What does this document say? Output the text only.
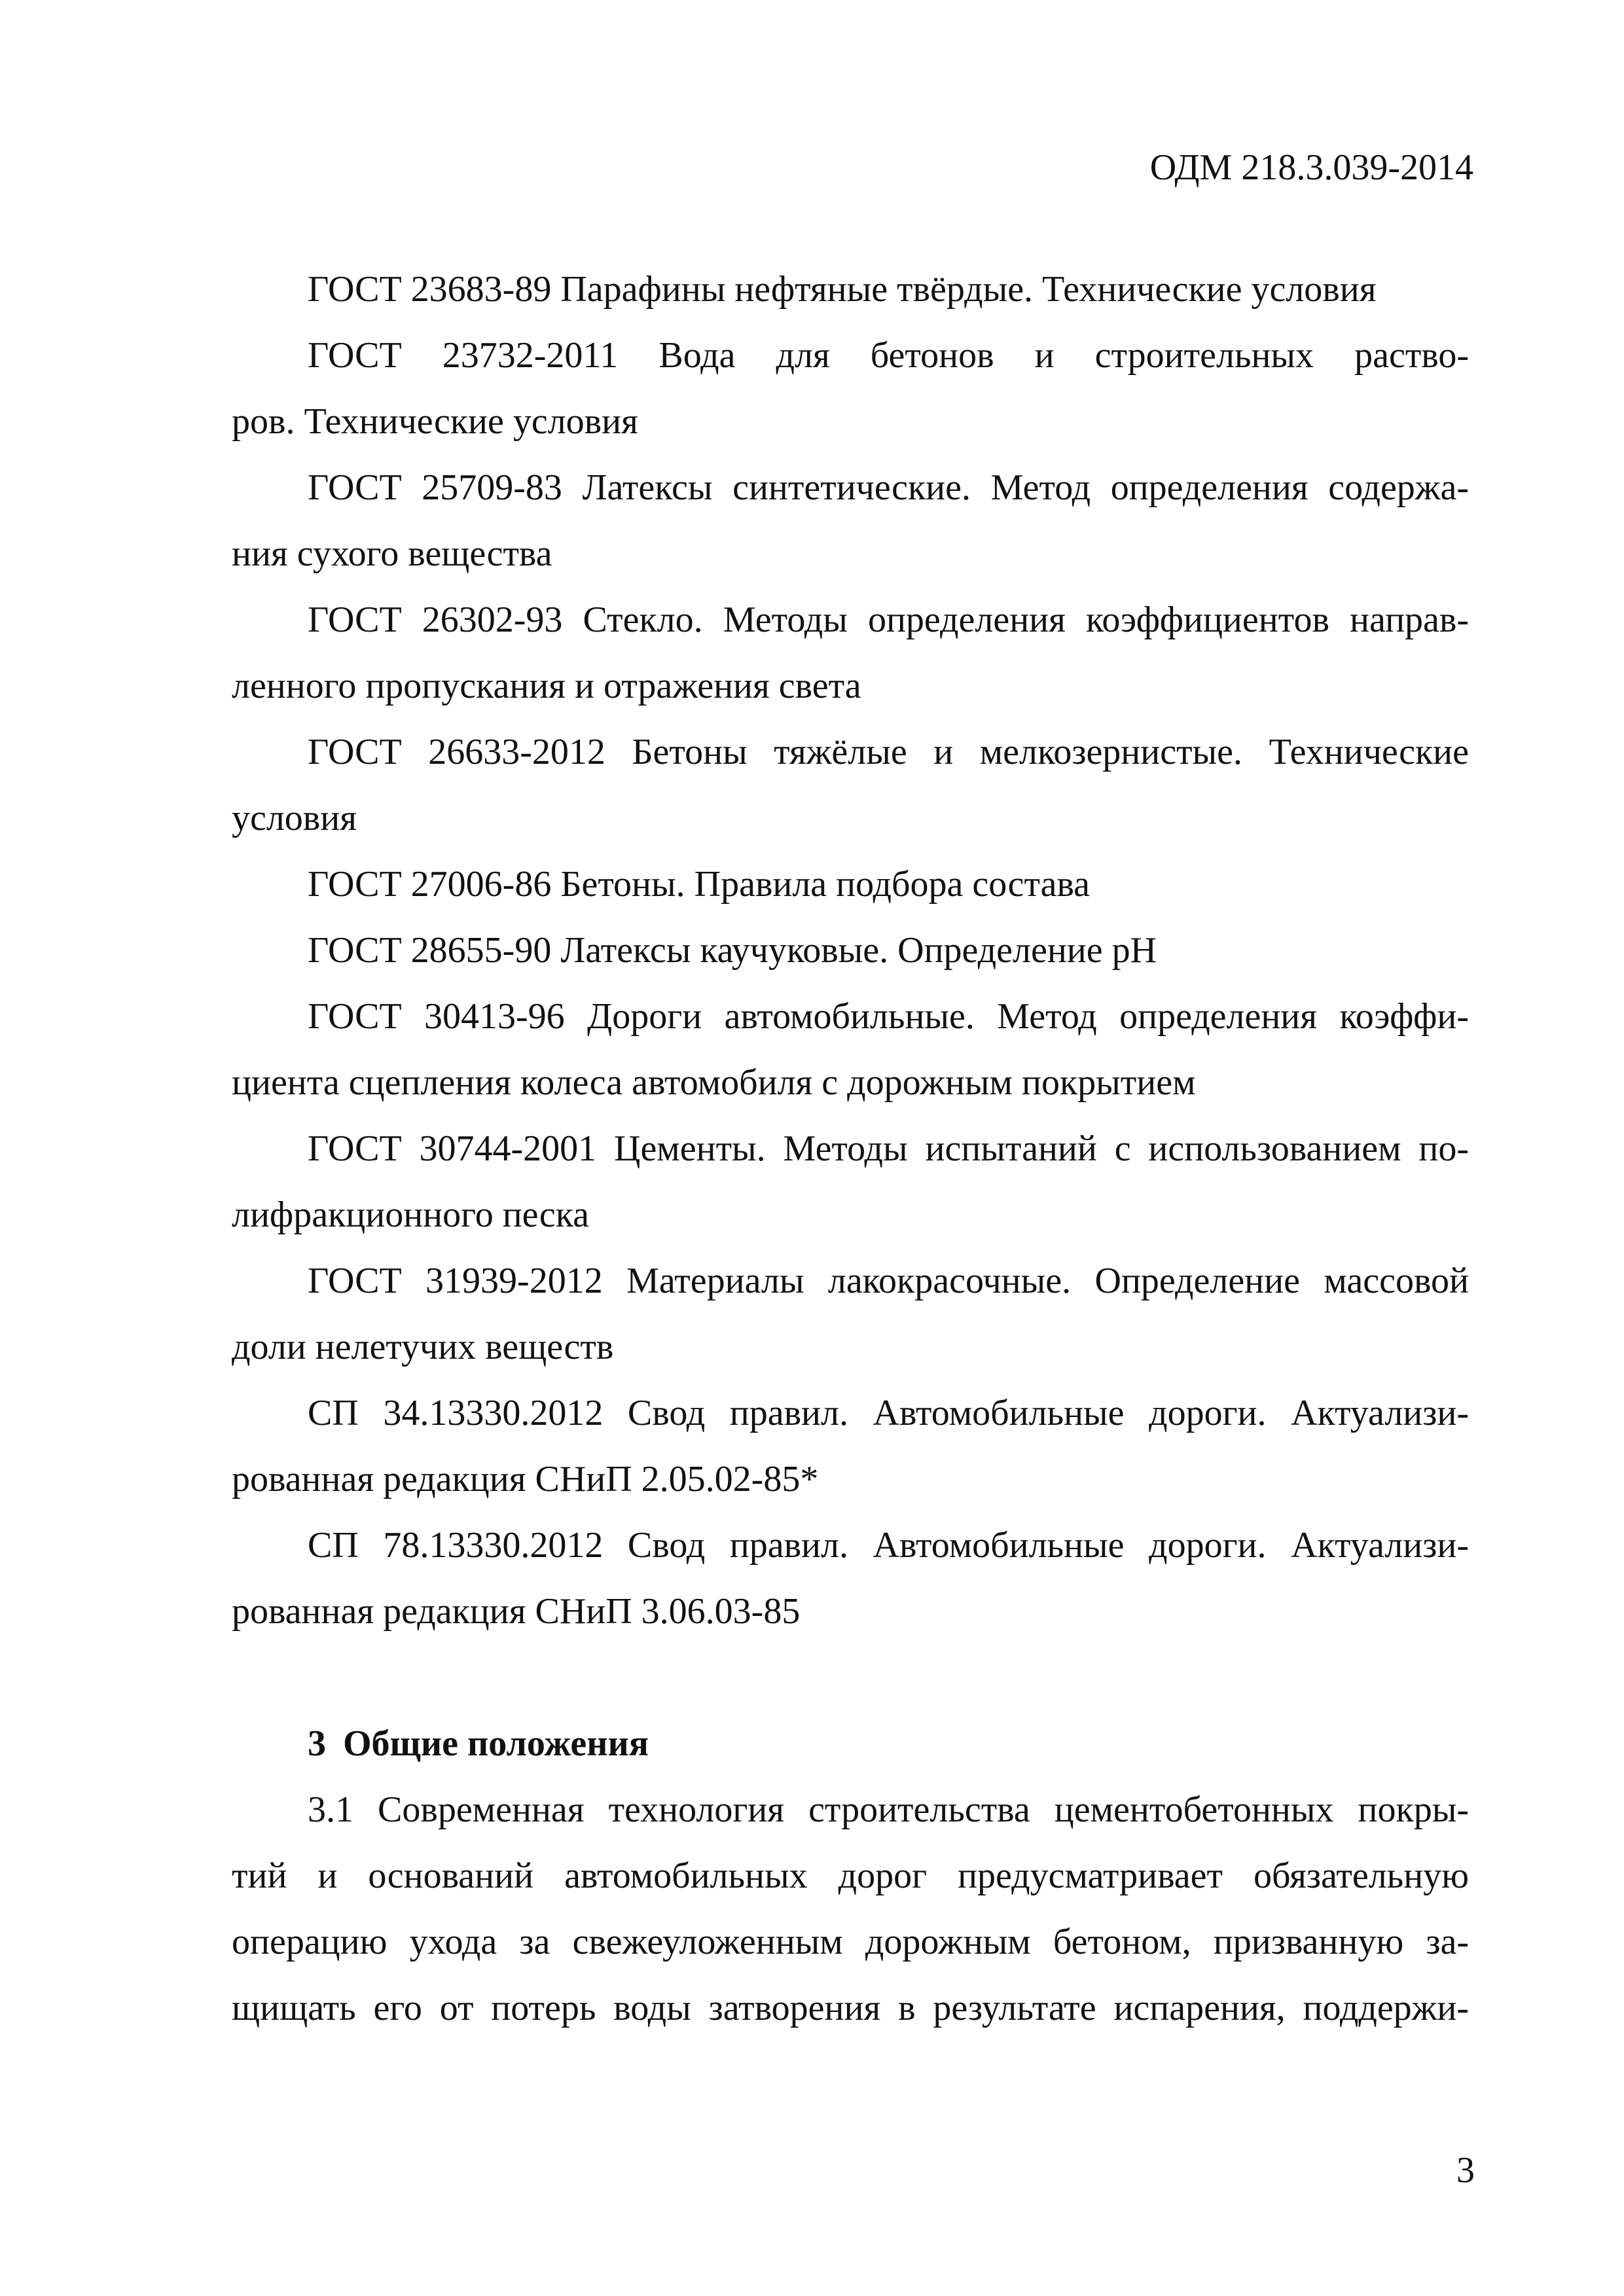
ОДМ 218.3.039-2014
ГОСТ 23683-89 Парафины нефтяные твёрдые. Технические условия
ГОСТ 23732-2011 Вода для бетонов и строительных раство-
ров. Технические условия
ГОСТ 25709-83 Латексы синтетические. Метод определения содержа-
ния сухого вещества
ГОСТ 26302-93 Стекло. Методы определения коэффициентов направ-
ленного пропускания и отражения света
ГОСТ 26633-2012 Бетоны тяжёлые и мелкозернистые. Технические
условия
ГОСТ 27006-86 Бетоны. Правила подбора состава
ГОСТ 28655-90 Латексы каучуковые. Определение pH
ГОСТ 30413-96 Дороги автомобильные. Метод определения коэффи-
циента сцепления колеса автомобиля с дорожным покрытием
ГОСТ 30744-2001 Цементы. Методы испытаний с использованием по-
лифракционного песка
ГОСТ 31939-2012 Материалы лакокрасочные. Определение массовой
доли нелетучих веществ
СП 34.13330.2012 Свод правил. Автомобильные дороги. Актуализи-
рованная редакция СНиП 2.05.02-85*
СП 78.13330.2012 Свод правил. Автомобильные дороги. Актуализи-
рованная редакция СНиП 3.06.03-85
3 Общие положения
3.1 Современная технология строительства цементобетонных покры-
тий и оснований автомобильных дорог предусматривает обязательную
операцию ухода за свежеуложенным дорожным бетоном, призванную за-
щищать его от потерь воды затворения в результате испарения, поддержи-
3
